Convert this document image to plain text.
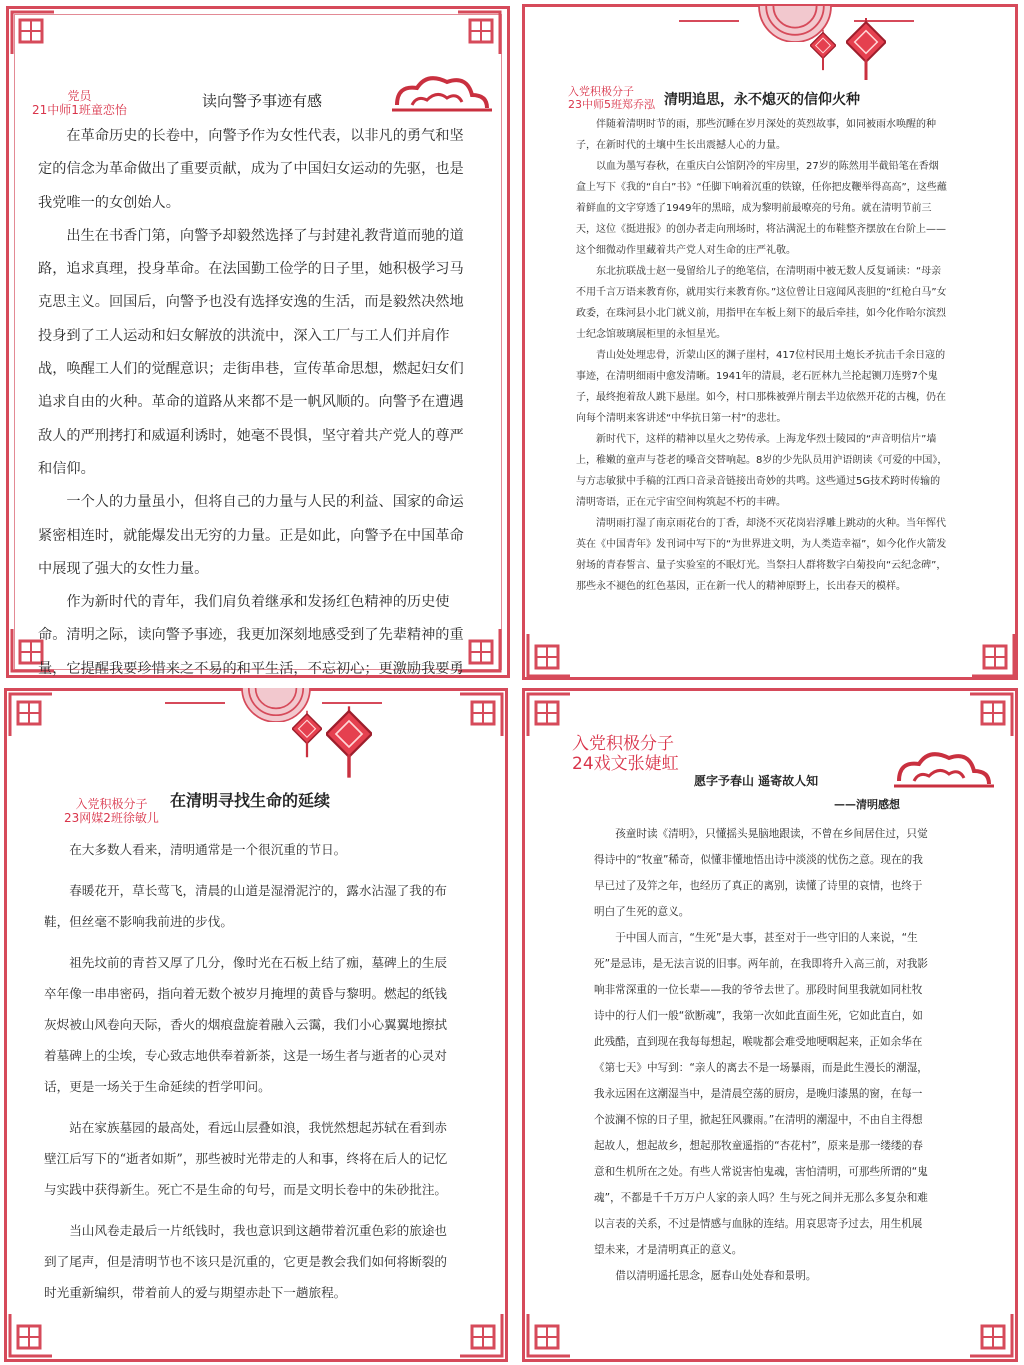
党员
21中师1班童恋怡	读向警予事迹有感

在革命历史的长卷中，向警予作为女性代表，以非凡的勇气和坚定的信念为革命做出了重要贡献，成为了中国妇女运动的先驱，也是我党唯一的女创始人。

出生在书香门第，向警予却毅然选择了与封建礼教背道而驰的道路，追求真理，投身革命。在法国勤工俭学的日子里，她积极学习马克思主义。回国后，向警予也没有选择安逸的生活，而是毅然决然地投身到了工人运动和妇女解放的洪流中，深入工厂与工人们并肩作战，唤醒工人们的觉醒意识；走街串巷，宣传革命思想，燃起妇女们追求自由的火种。革命的道路从来都不是一帆风顺的。向警予在遭遇敌人的严刑拷打和威逼利诱时，她毫不畏惧，坚守着共产党人的尊严和信仰。

一个人的力量虽小，但将自己的力量与人民的利益、国家的命运紧密相连时，就能爆发出无穷的力量。正是如此，向警予在中国革命中展现了强大的女性力量。

作为新时代的青年，我们肩负着继承和发扬红色精神的历史使命。清明之际，读向警予事迹，我更加深刻地感受到了先辈精神的重量，它提醒我要珍惜来之不易的和平生活，不忘初心；更激励我要勇

入党积极分子
23中师5班郑乔泓 清明追思，永不熄灭的信仰火种

伴随着清明时节的雨，那些沉睡在岁月深处的英烈故事，如同被雨水唤醒的种子，在新时代的土壤中生长出震撼人心的力量。

以血为墨写春秋，在重庆白公馆阴冷的牢房里，27岁的陈然用半截铅笔在香烟盒上写下《我的“自白”书》“任脚下响着沉重的铁镣，任你把皮鞭举得高高”，这些蘸着鲜血的文字穿透了1949年的黑暗，成为黎明前最嘹亮的号角。就在清明节前三天，这位《挺进报》的创办者走向刑场时，将沾满泥土的布鞋整齐摆放在台阶上——这个细微动作里藏着共产党人对生命的庄严礼敬。

东北抗联战士赵一曼留给儿子的绝笔信，在清明雨中被无数人反复诵读：“母亲不用千言万语来教育你，就用实行来教育你。”这位曾让日寇闻风丧胆的“红枪白马”女政委，在珠河县小北门就义前，用指甲在车板上刻下的最后牵挂，如今化作哈尔滨烈士纪念馆玻璃展柜里的永恒星光。

青山处处埋忠骨，沂蒙山区的渊子崖村，417位村民用土炮长矛抗击千余日寇的事迹，在清明细雨中愈发清晰。1941年的清晨，老石匠林九兰抡起铡刀连劈7个鬼子，最终抱着敌人跳下悬崖。如今，村口那株被弹片削去半边依然开花的古槐，仍在向每个清明来客讲述“中华抗日第一村”的悲壮。

新时代下，这样的精神以星火之势传承。上海龙华烈士陵园的“声音明信片”墙上，稚嫩的童声与苍老的嗓音交替响起。8岁的少先队员用沪语朗读《可爱的中国》，与方志敏狱中手稿的江西口音录音链接出奇妙的共鸣。这些通过5G技术跨时传输的清明寄语，正在元宇宙空间构筑起不朽的丰碑。

清明雨打湿了南京雨花台的丁香，却浇不灭花岗岩浮雕上跳动的火种。当年恽代英在《中国青年》发刊词中写下的“为世界进文明，为人类造幸福”，如今化作火箭发射场的青春誓言、量子实验室的不眠灯光。当祭扫人群将数字白菊投向“云纪念碑”，那些永不褪色的红色基因，正在新一代人的精神原野上，长出春天的模样。

入党积极分子
23网媒2班徐敏儿
在清明寻找生命的延续

在大多数人看来，清明通常是一个很沉重的节日。

春暖花开，草长莺飞，清晨的山道是湿滑泥泞的，露水沾湿了我的布鞋，但丝毫不影响我前进的步伐。

祖先坟前的青苔又厚了几分，像时光在石板上结了痂，墓碑上的生辰卒年像一串串密码，指向着无数个被岁月掩埋的黄昏与黎明。燃起的纸钱灰烬被山风卷向天际，香火的烟痕盘旋着融入云霭，我们小心翼翼地擦拭着墓碑上的尘埃，专心致志地供奉着新茶，这是一场生者与逝者的心灵对话，更是一场关于生命延续的哲学叩问。

站在家族墓园的最高处，看远山层叠如浪，我恍然想起苏轼在看到赤壁江后写下的“逝者如斯”，那些被时光带走的人和事，终将在后人的记忆与实践中获得新生。死亡不是生命的句号，而是文明长卷中的朱砂批注。

当山风卷走最后一片纸钱时，我也意识到这趟带着沉重色彩的旅途也到了尾声，但是清明节也不该只是沉重的，它更是教会我们如何将断裂的时光重新编织，带着前人的爱与期望赤赴下一趟旅程。

入党积极分子
24戏文张婕虹
愿字予春山 遥寄故人知
——清明感想

孩童时读《清明》，只懂摇头晃脑地跟读，不曾在乡间居住过，只觉得诗中的“牧童”稀奇，似懂非懂地悟出诗中淡淡的忧伤之意。现在的我早已过了及笄之年，也经历了真正的离别，读懂了诗里的哀情，也终于明白了生死的意义。

于中国人而言，“生死”是大事，甚至对于一些守旧的人来说，“生死”是忌讳，是无法言说的旧事。两年前，在我即将升入高三前，对我影响非常深重的一位长辈——我的爷爷去世了。那段时间里我就如同杜牧诗中的行人们一般“欲断魂”，我第一次如此直面生死，它如此直白，如此残酷，直到现在我每每想起，喉咙都会难受地哽咽起来，正如余华在《第七天》中写到：“亲人的离去不是一场暴雨，而是此生漫长的潮湿，我永远困在这潮湿当中，是清晨空荡的厨房，是晚归漆黑的窗，在每一个波澜不惊的日子里，掀起狂风骤雨。”在清明的潮湿中，不由自主得想起故人，想起故乡，想起那牧童遥指的“杏花村”，原来是那一缕缕的春意和生机所在之处。有些人常说害怕鬼魂，害怕清明，可那些所谓的“鬼魂”，不都是千千万万户人家的亲人吗？生与死之间并无那么多复杂和难以言表的关系，不过是情感与血脉的连结。用哀思寄予过去，用生机展望未来，才是清明真正的意义。

借以清明遥托思念，愿春山处处春和景明。
